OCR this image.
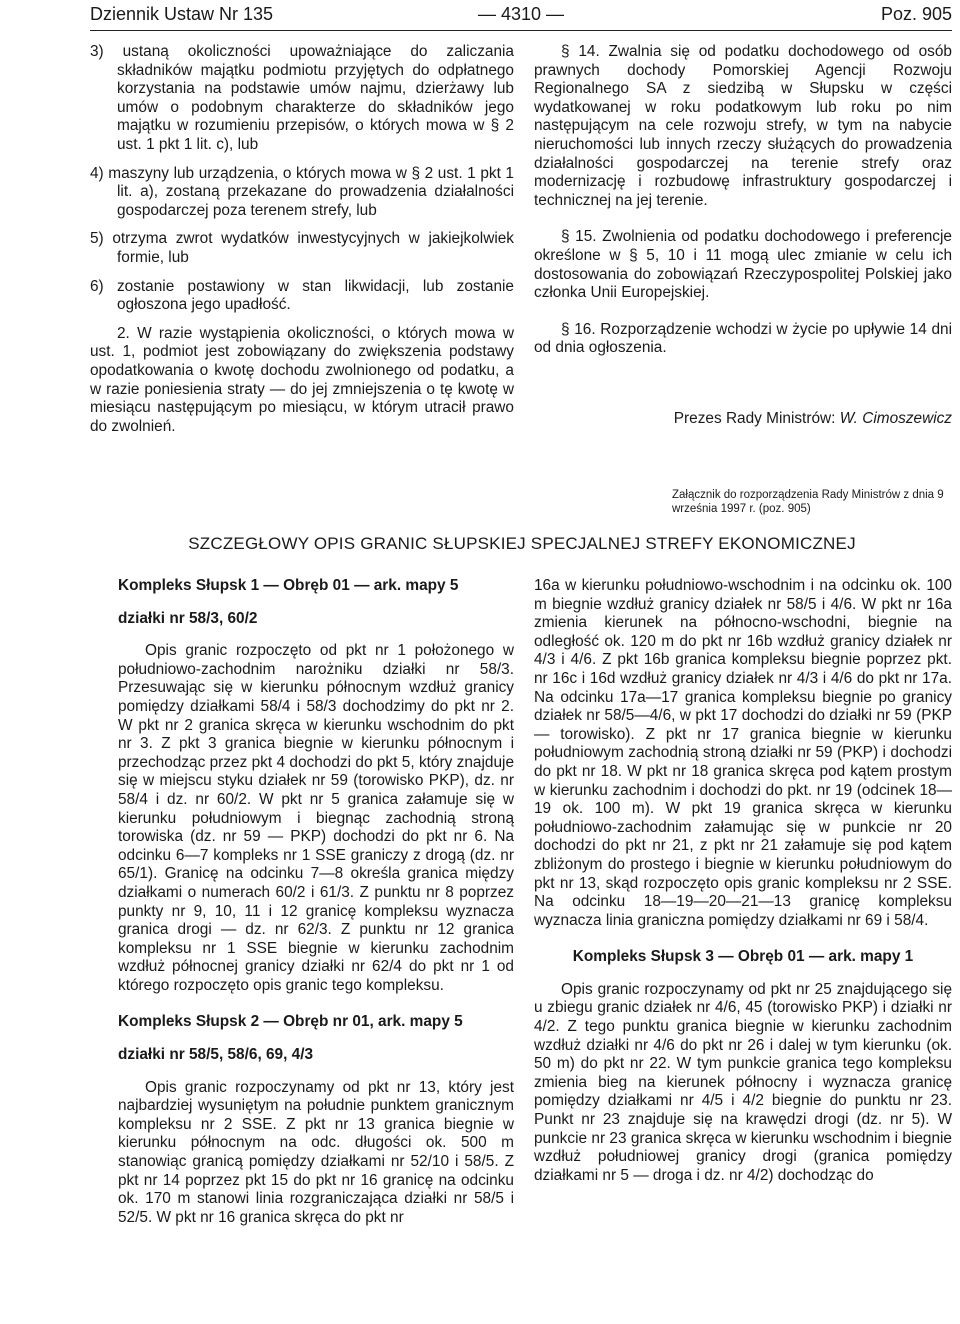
Dziennik Ustaw Nr 135	— 4310 —	Poz. 905

3) ustaną okoliczności upoważniające do zaliczania składników majątku podmiotu przyjętych do odpłatnego korzystania na podstawie umów najmu, dzierżawy lub umów o podobnym charakterze do składników jego majątku w rozumieniu przepisów, o których mowa w § 2 ust. 1 pkt 1 lit. c), lub

4) maszyny lub urządzenia, o których mowa w § 2 ust. 1 pkt 1 lit. a), zostaną przekazane do prowadzenia działalności gospodarczej poza terenem strefy, lub

5) otrzyma zwrot wydatków inwestycyjnych w jakiejkolwiek formie, lub

6) zostanie postawiony w stan likwidacji, lub zostanie ogłoszona jego upadłość.

2. W razie wystąpienia okoliczności, o których mowa w ust. 1, podmiot jest zobowiązany do zwiększenia podstawy opodatkowania o kwotę dochodu zwolnionego od podatku, a w razie poniesienia straty — do jej zmniejszenia o tę kwotę w miesiącu następującym po miesiącu, w którym utracił prawo do zwolnień.

§ 14. Zwalnia się od podatku dochodowego od osób prawnych dochody Pomorskiej Agencji Rozwoju Regionalnego SA z siedzibą w Słupsku w części wydatkowanej w roku podatkowym lub roku po nim następującym na cele rozwoju strefy, w tym na nabycie nieruchomości lub innych rzeczy służących do prowadzenia działalności gospodarczej na terenie strefy oraz modernizację i rozbudowę infrastruktury gospodarczej i technicznej na jej terenie.

§ 15. Zwolnienia od podatku dochodowego i preferencje określone w § 5, 10 i 11 mogą ulec zmianie w celu ich dostosowania do zobowiązań Rzeczypospolitej Polskiej jako członka Unii Europejskiej.

§ 16. Rozporządzenie wchodzi w życie po upływie 14 dni od dnia ogłoszenia.

Prezes Rady Ministrów: W. Cimoszewicz

Załącznik do rozporządzenia Rady Ministrów z dnia 9 września 1997 r. (poz. 905)
SZCZEGŁOWY OPIS GRANIC SŁUPSKIEJ SPECJALNEJ STREFY EKONOMICZNEJ

Kompleks Słupsk 1 — Obręb 01 — ark. mapy 5

działki nr 58/3, 60/2

Opis granic rozpoczęto od pkt nr 1 położonego w południowo-zachodnim narożniku działki nr 58/3. Przesuwając się w kierunku północnym wzdłuż granicy pomiędzy działkami 58/4 i 58/3 dochodzimy do pkt nr 2. W pkt nr 2 granica skręca w kierunku wschodnim do pkt nr 3. Z pkt 3 granica biegnie w kierunku północnym i przechodząc przez pkt 4 dochodzi do pkt 5, który znajduje się w miejscu styku działek nr 59 (torowisko PKP), dz. nr 58/4 i dz. nr 60/2. W pkt nr 5 granica załamuje się w kierunku południowym i biegnąc zachodnią stroną torowiska (dz. nr 59 — PKP) dochodzi do pkt nr 6. Na odcinku 6—7 kompleks nr 1 SSE graniczy z drogą (dz. nr 65/1). Granicę na odcinku 7—8 określa granica między działkami o numerach 60/2 i 61/3. Z punktu nr 8 poprzez punkty nr 9, 10, 11 i 12 granicę kompleksu wyznacza granica drogi — dz. nr 62/3. Z punktu nr 12 granica kompleksu nr 1 SSE biegnie w kierunku zachodnim wzdłuż północnej granicy działki nr 62/4 do pkt nr 1 od którego rozpoczęto opis granic tego kompleksu.

Kompleks Słupsk 2 — Obręb nr 01, ark. mapy 5

działki nr 58/5, 58/6, 69, 4/3

Opis granic rozpoczynamy od pkt nr 13, który jest najbardziej wysuniętym na południe punktem granicznym kompleksu nr 2 SSE. Z pkt nr 13 granica biegnie w kierunku północnym na odc. długości ok. 500 m stanowiąc granicą pomiędzy działkami nr 52/10 i 58/5. Z pkt nr 14 poprzez pkt 15 do pkt nr 16 granicę na odcinku ok. 170 m stanowi linia rozgraniczająca działki nr 58/5 i 52/5. W pkt nr 16 granica skręca do pkt nr

16a w kierunku południowo-wschodnim i na odcinku ok. 100 m biegnie wzdłuż granicy działek nr 58/5 i 4/6. W pkt nr 16a zmienia kierunek na północno-wschodni, biegnie na odległość ok. 120 m do pkt nr 16b wzdłuż granicy działek nr 4/3 i 4/6. Z pkt 16b granica kompleksu biegnie poprzez pkt. nr 16c i 16d wzdłuż granicy działek nr 4/3 i 4/6 do pkt nr 17a. Na odcinku 17a—17 granica kompleksu biegnie po granicy działek nr 58/5—4/6, w pkt 17 dochodzi do działki nr 59 (PKP — torowisko). Z pkt nr 17 granica biegnie w kierunku południowym zachodnią stroną działki nr 59 (PKP) i dochodzi do pkt nr 18. W pkt nr 18 granica skręca pod kątem prostym w kierunku zachodnim i dochodzi do pkt. nr 19 (odcinek 18—19 ok. 100 m). W pkt 19 granica skręca w kierunku południowo-zachodnim załamując się w punkcie nr 20 dochodzi do pkt nr 21, z pkt nr 21 załamuje się pod kątem zbliżonym do prostego i biegnie w kierunku południowym do pkt nr 13, skąd rozpoczęto opis granic kompleksu nr 2 SSE. Na odcinku 18—19—20—21—13 granicę kompleksu wyznacza linia graniczna pomiędzy działkami nr 69 i 58/4.

Kompleks Słupsk 3 — Obręb 01 — ark. mapy 1

Opis granic rozpoczynamy od pkt nr 25 znajdującego się u zbiegu granic działek nr 4/6, 45 (torowisko PKP) i działki nr 4/2. Z tego punktu granica biegnie w kierunku zachodnim wzdłuż działki nr 4/6 do pkt nr 26 i dalej w tym kierunku (ok. 50 m) do pkt nr 22. W tym punkcie granica tego kompleksu zmienia bieg na kierunek północny i wyznacza granicę pomiędzy działkami nr 4/5 i 4/2 biegnie do punktu nr 23. Punkt nr 23 znajduje się na krawędzi drogi (dz. nr 5). W punkcie nr 23 granica skręca w kierunku wschodnim i biegnie wzdłuż południowej granicy drogi (granica pomiędzy działkami nr 5 — droga i dz. nr 4/2) dochodząc do
